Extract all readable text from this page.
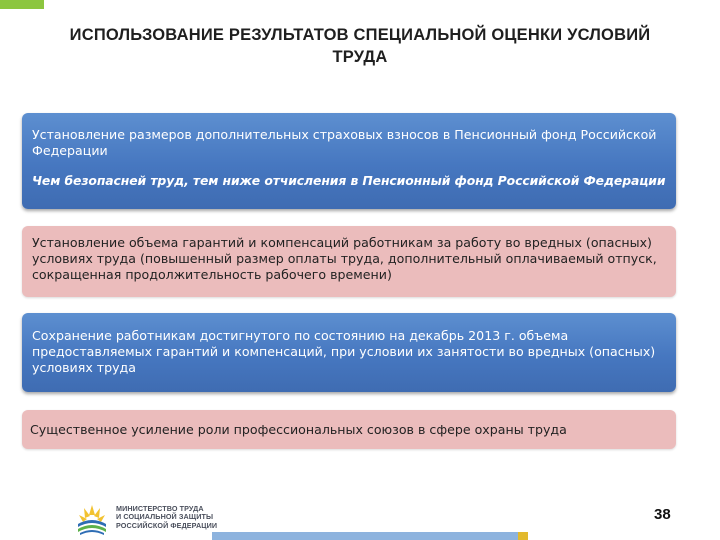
ИСПОЛЬЗОВАНИЕ РЕЗУЛЬТАТОВ СПЕЦИАЛЬНОЙ ОЦЕНКИ УСЛОВИЙ ТРУДА
Установление размеров дополнительных страховых взносов в Пенсионный фонд Российской Федерации
Чем безопасней труд, тем ниже отчисления в Пенсионный фонд Российской Федерации
Установление объема гарантий и компенсаций работникам за работу во вредных (опасных) условиях труда (повышенный размер оплаты труда, дополнительный оплачиваемый отпуск, сокращенная продолжительность рабочего времени)
Сохранение работникам достигнутого по состоянию на декабрь 2013 г. объема предоставляемых гарантий и компенсаций, при условии их занятости во вредных (опасных) условиях труда
Существенное усиление роли профессиональных союзов в сфере охраны труда
МИНИСТЕРСТВО ТРУДА
И СОЦИАЛЬНОЙ ЗАЩИТЫ
РОССИЙСКОЙ ФЕДЕРАЦИИ
38
